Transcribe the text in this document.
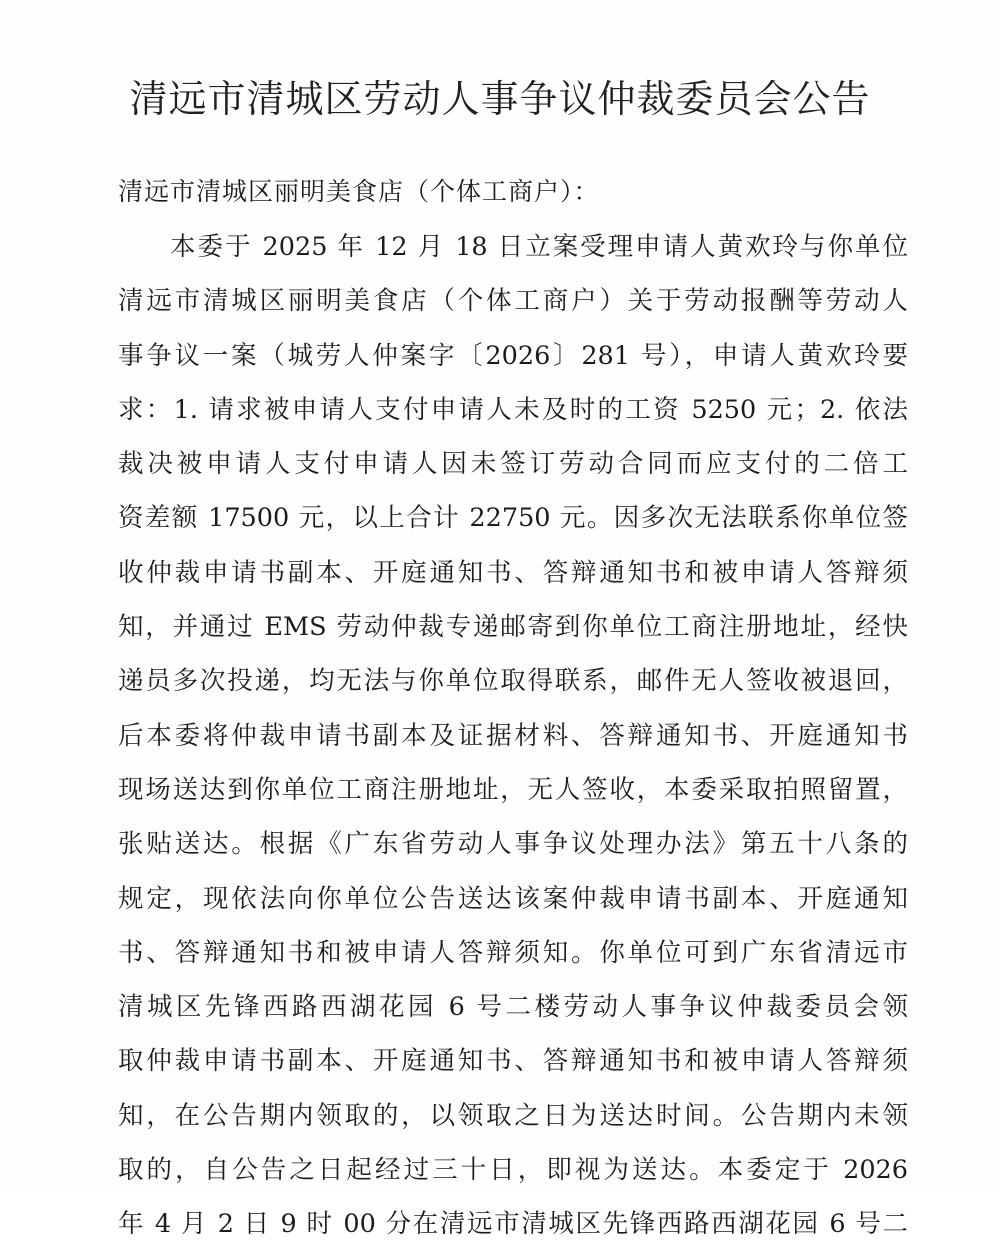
清远市清城区劳动人事争议仲裁委员会公告
清远市清城区丽明美食店（个体工商户）：
本委于 2025 年 12 月 18 日立案受理申请人黄欢玲与你单位
清远市清城区丽明美食店（个体工商户）关于劳动报酬等劳动人
事争议一案（城劳人仲案字〔2026〕281 号），申请人黄欢玲要
求：1. 请求被申请人支付申请人未及时的工资 5250 元；2. 依法
裁决被申请人支付申请人因未签订劳动合同而应支付的二倍工
资差额 17500 元，以上合计 22750 元。因多次无法联系你单位签
收仲裁申请书副本、开庭通知书、答辩通知书和被申请人答辩须
知，并通过 EMS 劳动仲裁专递邮寄到你单位工商注册地址，经快
递员多次投递，均无法与你单位取得联系，邮件无人签收被退回，
后本委将仲裁申请书副本及证据材料、答辩通知书、开庭通知书
现场送达到你单位工商注册地址，无人签收，本委采取拍照留置，
张贴送达。根据《广东省劳动人事争议处理办法》第五十八条的
规定，现依法向你单位公告送达该案仲裁申请书副本、开庭通知
书、答辩通知书和被申请人答辩须知。你单位可到广东省清远市
清城区先锋西路西湖花园 6 号二楼劳动人事争议仲裁委员会领
取仲裁申请书副本、开庭通知书、答辩通知书和被申请人答辩须
知，在公告期内领取的，以领取之日为送达时间。公告期内未领
取的，自公告之日起经过三十日，即视为送达。本委定于 2026
年 4 月 2 日 9 时 00 分在清远市清城区先锋西路西湖花园 6 号二
